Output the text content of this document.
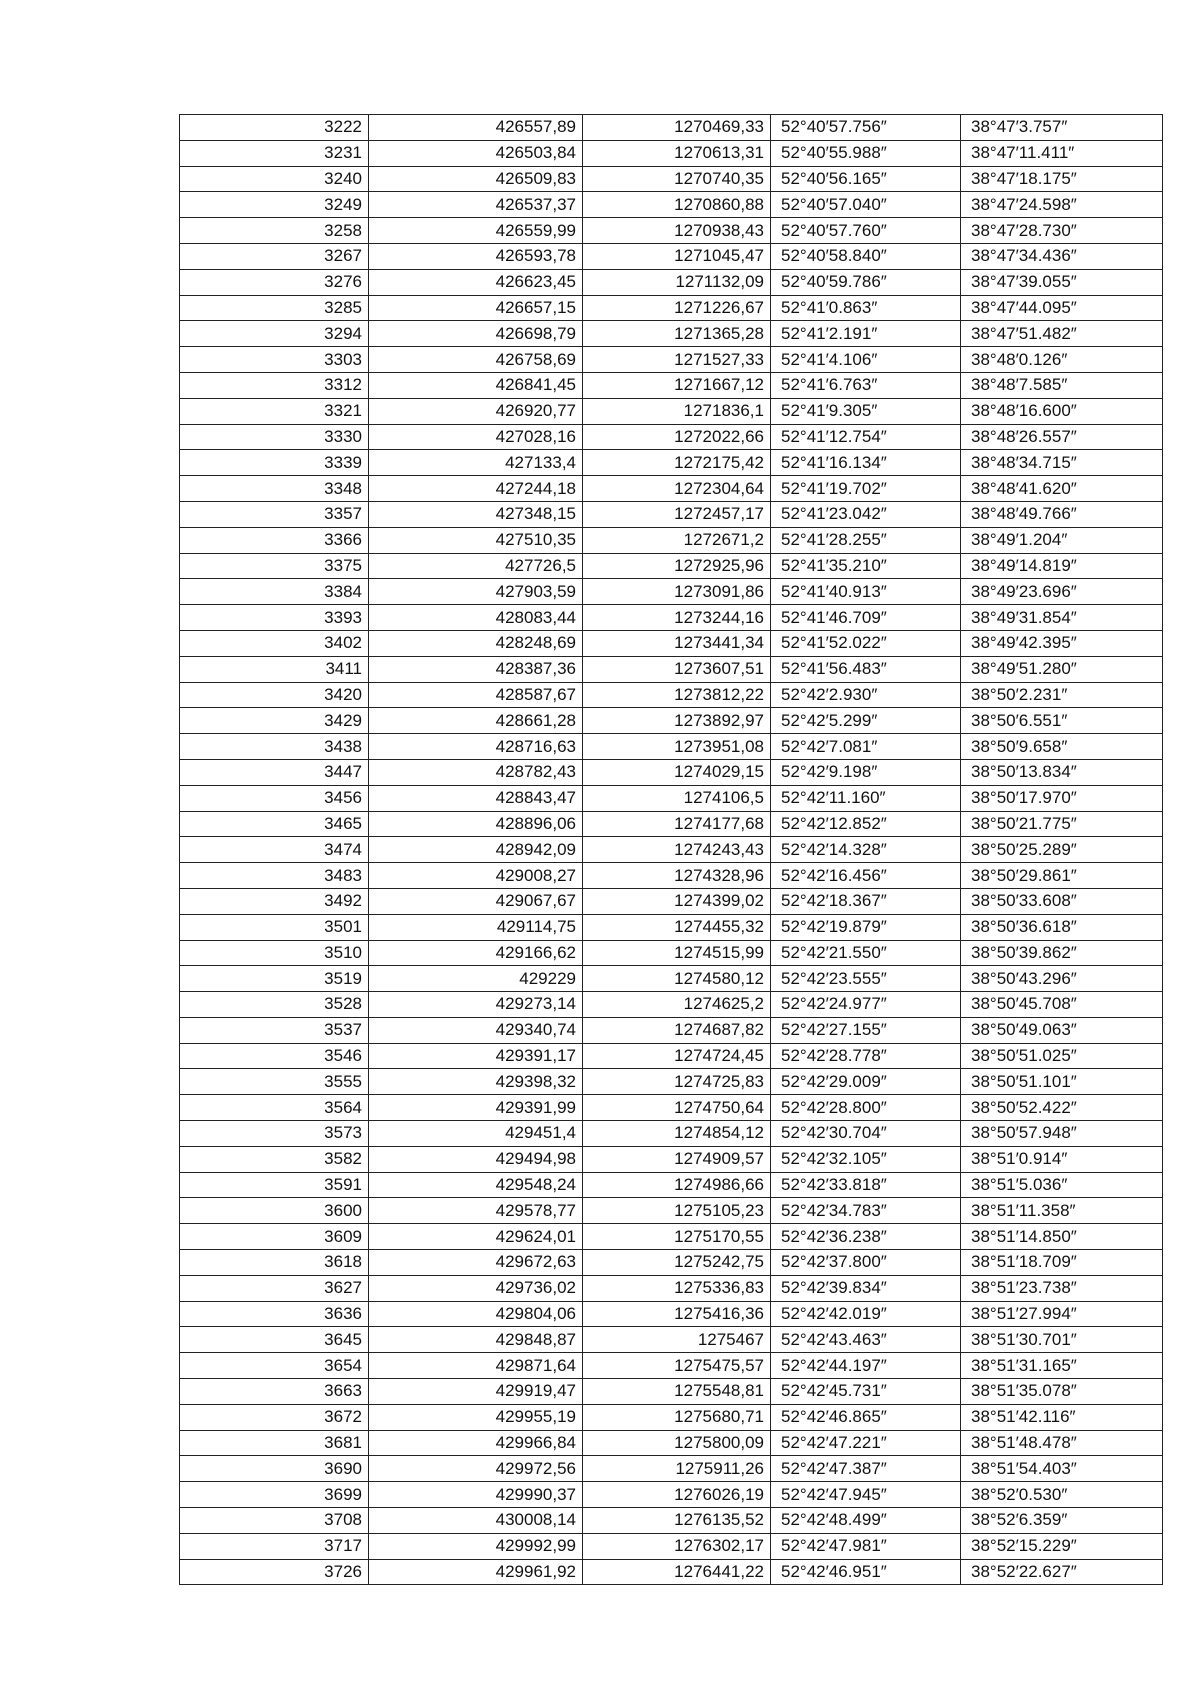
3222	426557,89	1270469,33	52°40′57.756″	38°47′3.757″
3231	426503,84	1270613,31	52°40′55.988″	38°47′11.411″
3240	426509,83	1270740,35	52°40′56.165″	38°47′18.175″
3249	426537,37	1270860,88	52°40′57.040″	38°47′24.598″
3258	426559,99	1270938,43	52°40′57.760″	38°47′28.730″
3267	426593,78	1271045,47	52°40′58.840″	38°47′34.436″
3276	426623,45	1271132,09	52°40′59.786″	38°47′39.055″
3285	426657,15	1271226,67	52°41′0.863″	38°47′44.095″
3294	426698,79	1271365,28	52°41′2.191″	38°47′51.482″
3303	426758,69	1271527,33	52°41′4.106″	38°48′0.126″
3312	426841,45	1271667,12	52°41′6.763″	38°48′7.585″
3321	426920,77	1271836,1	52°41′9.305″	38°48′16.600″
3330	427028,16	1272022,66	52°41′12.754″	38°48′26.557″
3339	427133,4	1272175,42	52°41′16.134″	38°48′34.715″
3348	427244,18	1272304,64	52°41′19.702″	38°48′41.620″
3357	427348,15	1272457,17	52°41′23.042″	38°48′49.766″
3366	427510,35	1272671,2	52°41′28.255″	38°49′1.204″
3375	427726,5	1272925,96	52°41′35.210″	38°49′14.819″
3384	427903,59	1273091,86	52°41′40.913″	38°49′23.696″
3393	428083,44	1273244,16	52°41′46.709″	38°49′31.854″
3402	428248,69	1273441,34	52°41′52.022″	38°49′42.395″
3411	428387,36	1273607,51	52°41′56.483″	38°49′51.280″
3420	428587,67	1273812,22	52°42′2.930″	38°50′2.231″
3429	428661,28	1273892,97	52°42′5.299″	38°50′6.551″
3438	428716,63	1273951,08	52°42′7.081″	38°50′9.658″
3447	428782,43	1274029,15	52°42′9.198″	38°50′13.834″
3456	428843,47	1274106,5	52°42′11.160″	38°50′17.970″
3465	428896,06	1274177,68	52°42′12.852″	38°50′21.775″
3474	428942,09	1274243,43	52°42′14.328″	38°50′25.289″
3483	429008,27	1274328,96	52°42′16.456″	38°50′29.861″
3492	429067,67	1274399,02	52°42′18.367″	38°50′33.608″
3501	429114,75	1274455,32	52°42′19.879″	38°50′36.618″
3510	429166,62	1274515,99	52°42′21.550″	38°50′39.862″
3519	429229	1274580,12	52°42′23.555″	38°50′43.296″
3528	429273,14	1274625,2	52°42′24.977″	38°50′45.708″
3537	429340,74	1274687,82	52°42′27.155″	38°50′49.063″
3546	429391,17	1274724,45	52°42′28.778″	38°50′51.025″
3555	429398,32	1274725,83	52°42′29.009″	38°50′51.101″
3564	429391,99	1274750,64	52°42′28.800″	38°50′52.422″
3573	429451,4	1274854,12	52°42′30.704″	38°50′57.948″
3582	429494,98	1274909,57	52°42′32.105″	38°51′0.914″
3591	429548,24	1274986,66	52°42′33.818″	38°51′5.036″
3600	429578,77	1275105,23	52°42′34.783″	38°51′11.358″
3609	429624,01	1275170,55	52°42′36.238″	38°51′14.850″
3618	429672,63	1275242,75	52°42′37.800″	38°51′18.709″
3627	429736,02	1275336,83	52°42′39.834″	38°51′23.738″
3636	429804,06	1275416,36	52°42′42.019″	38°51′27.994″
3645	429848,87	1275467	52°42′43.463″	38°51′30.701″
3654	429871,64	1275475,57	52°42′44.197″	38°51′31.165″
3663	429919,47	1275548,81	52°42′45.731″	38°51′35.078″
3672	429955,19	1275680,71	52°42′46.865″	38°51′42.116″
3681	429966,84	1275800,09	52°42′47.221″	38°51′48.478″
3690	429972,56	1275911,26	52°42′47.387″	38°51′54.403″
3699	429990,37	1276026,19	52°42′47.945″	38°52′0.530″
3708	430008,14	1276135,52	52°42′48.499″	38°52′6.359″
3717	429992,99	1276302,17	52°42′47.981″	38°52′15.229″
3726	429961,92	1276441,22	52°42′46.951″	38°52′22.627″
